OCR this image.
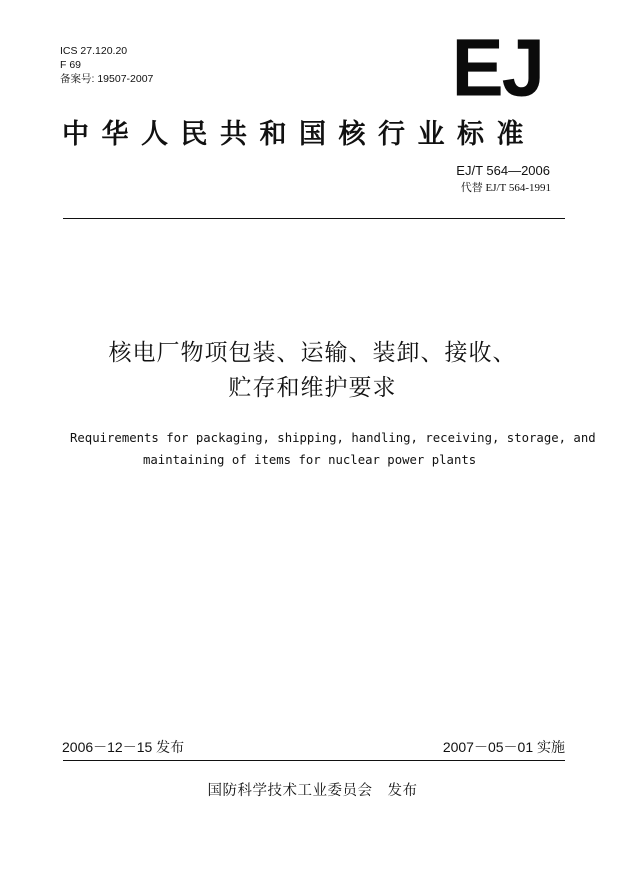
ICS 27.120.20
F 69
备案号: 19507-2007	EJ
中华人民共和国核行业标准
EJ/T 564—2006
代替 EJ/T 564-1991
核电厂物项包装、运输、装卸、接收、
贮存和维护要求
Requirements for packaging, shipping, handling, receiving, storage, and
maintaining of items for nuclear power plants
2006－12－15 发布	2007－05－01 实施
国防科学技术工业委员会　发布
